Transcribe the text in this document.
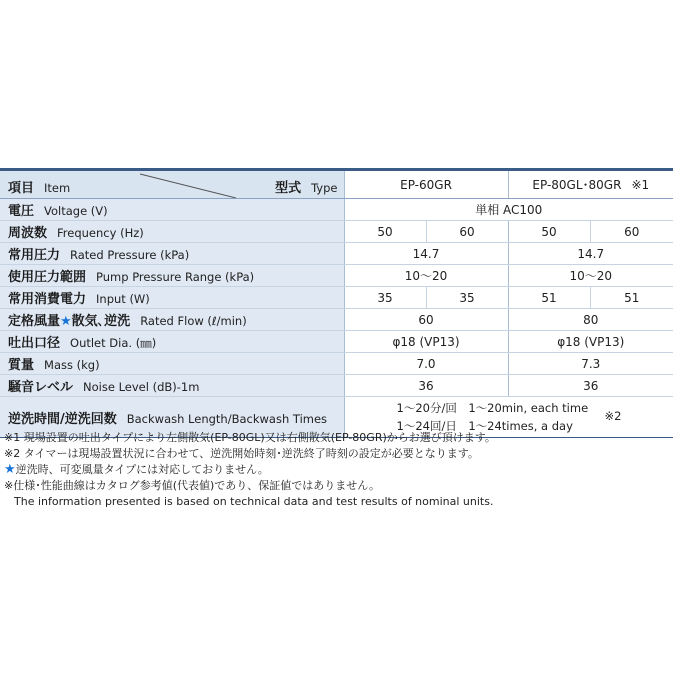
項目 Item 型式 Type	EP-60GR		EP-80GL･80GR ※1	
電圧 Voltage (V)	単相 AC100			
周波数 Frequency (Hz)	50	60	50	60
常用圧力 Rated Pressure (kPa)	14.7		14.7	
使用圧力範囲 Pump Pressure Range (kPa)	10～20		10～20	
常用消費電力 Input (W)	35	35	51	51
定格風量★散気､逆洗 Rated Flow (ℓ/min)	60		80	
吐出口径 Outlet Dia. (㎜)	φ18 (VP13)		φ18 (VP13)	
質量 Mass (kg)	7.0		7.3	
騒音レベル Noise Level (dB)-1m	36		36	
逆洗時間/逆洗回数 Backwash Length/Backwash Times	1～20分/回　1～20min, each time
1～24回/日　1～24times, a day
※2			
※1 現場設置の吐出タイプにより左側散気(EP-80GL)又は右側散気(EP-80GR)からお選び頂けます。
※2 タイマーは現場設置状況に合わせて、逆洗開始時刻･逆洗終了時刻の設定が必要となります。
★逆洗時、可変風量タイプには対応しておりません。
※仕様･性能曲線はカタログ参考値(代表値)であり、保証値ではありません。
The information presented is based on technical data and test results of nominal units.
